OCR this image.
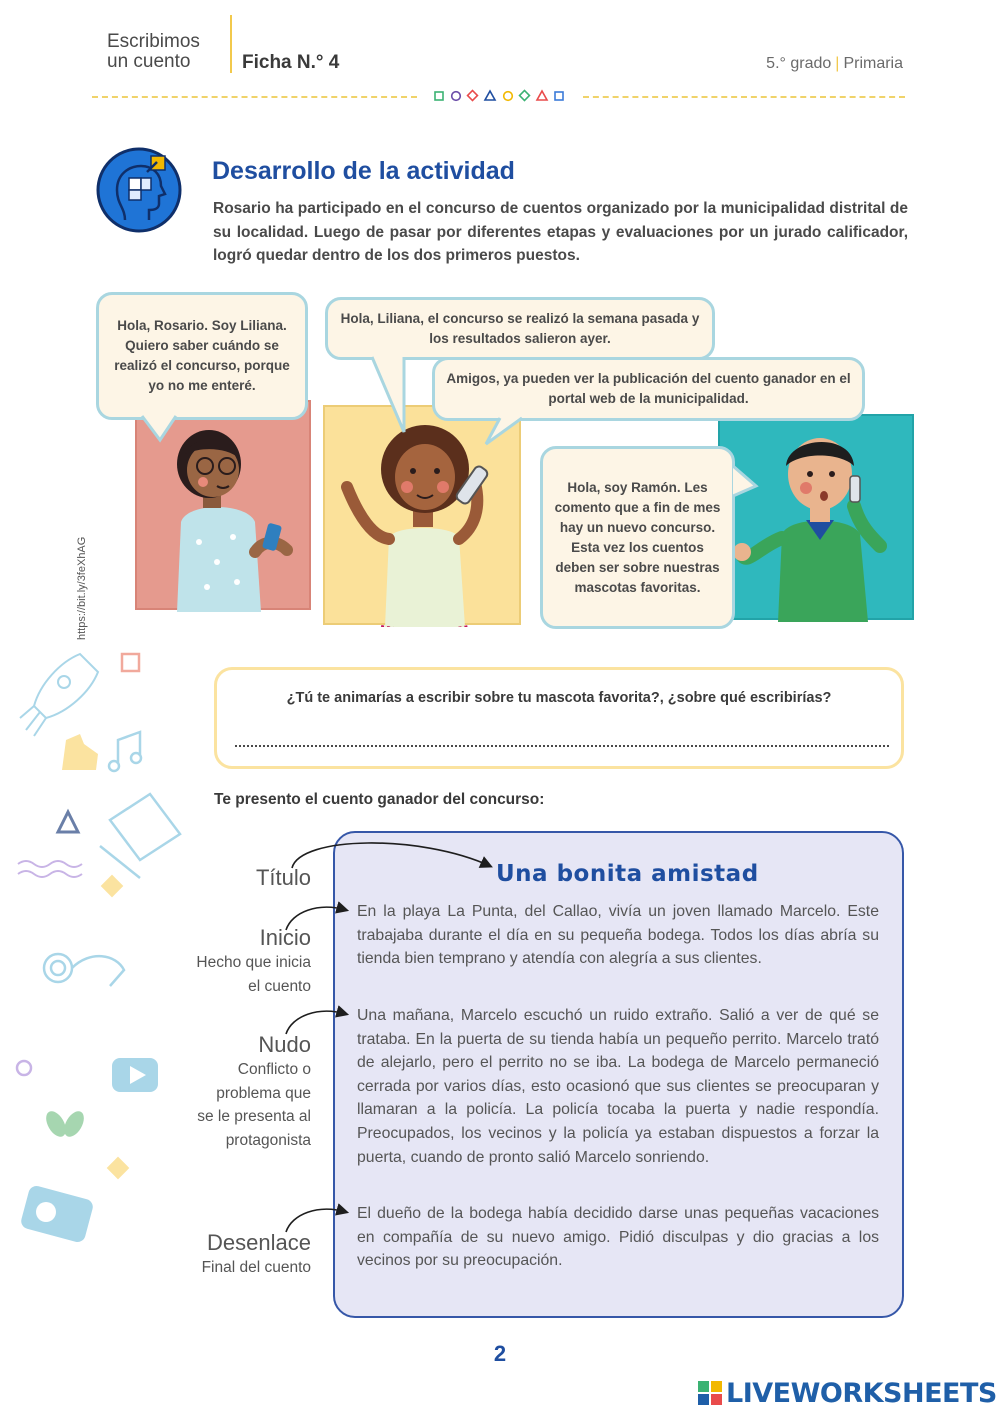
Escribimos
un cuento	Ficha N.° 4	5.° grado | Primaria
Desarrollo de la actividad
Rosario ha participado en el concurso de cuentos organizado por la municipalidad distrital de su localidad. Luego de pasar por diferentes etapas y evaluaciones por un jurado calificador, logró quedar dentro de los dos primeros puestos.
Hola, Rosario. Soy Liliana. Quiero saber cuándo se realizó el concurso, porque yo no me enteré.
Hola, Liliana, el concurso se realizó la semana pasada y los resultados salieron ayer.
Amigos, ya pueden ver la publicación del cuento ganador en el portal web de la municipalidad.
Hola, soy Ramón. Les comento que a fin de mes hay un nuevo concurso. Esta vez los cuentos deben ser sobre nuestras mascotas favoritas.
https://bit.ly/3feXhAG
¿Tú te animarías a escribir sobre tu mascota favorita?, ¿sobre qué escribirías?
Te presento el cuento ganador del concurso:
Una bonita amistad
En la playa La Punta, del Callao, vivía un joven llamado Marcelo. Este trabajaba durante el día en su pequeña bodega. Todos los días abría su tienda bien temprano y atendía con alegría a sus clientes.
Una mañana, Marcelo escuchó un ruido extraño. Salió a ver de qué se trataba. En la puerta de su tienda había un pequeño perrito. Marcelo trató de alejarlo, pero el perrito no se iba. La bodega de Marcelo permaneció cerrada por varios días, esto ocasionó que sus clientes se preocuparan y llamaran a la policía. La policía tocaba la puerta y nadie respondía. Preocupados, los vecinos y la policía ya estaban dispuestos a forzar la puerta, cuando de pronto salió Marcelo sonriendo.
El dueño de la bodega había decidido darse unas pequeñas vacaciones en compañía de su nuevo amigo. Pidió disculpas y dio gracias a los vecinos por su preocupación.
Título
Inicio
Hecho que inicia
el cuento
Nudo
Conflicto o
problema que
se le presenta al
protagonista
Desenlace
Final del cuento
2
LIVEWORKSHEETS
